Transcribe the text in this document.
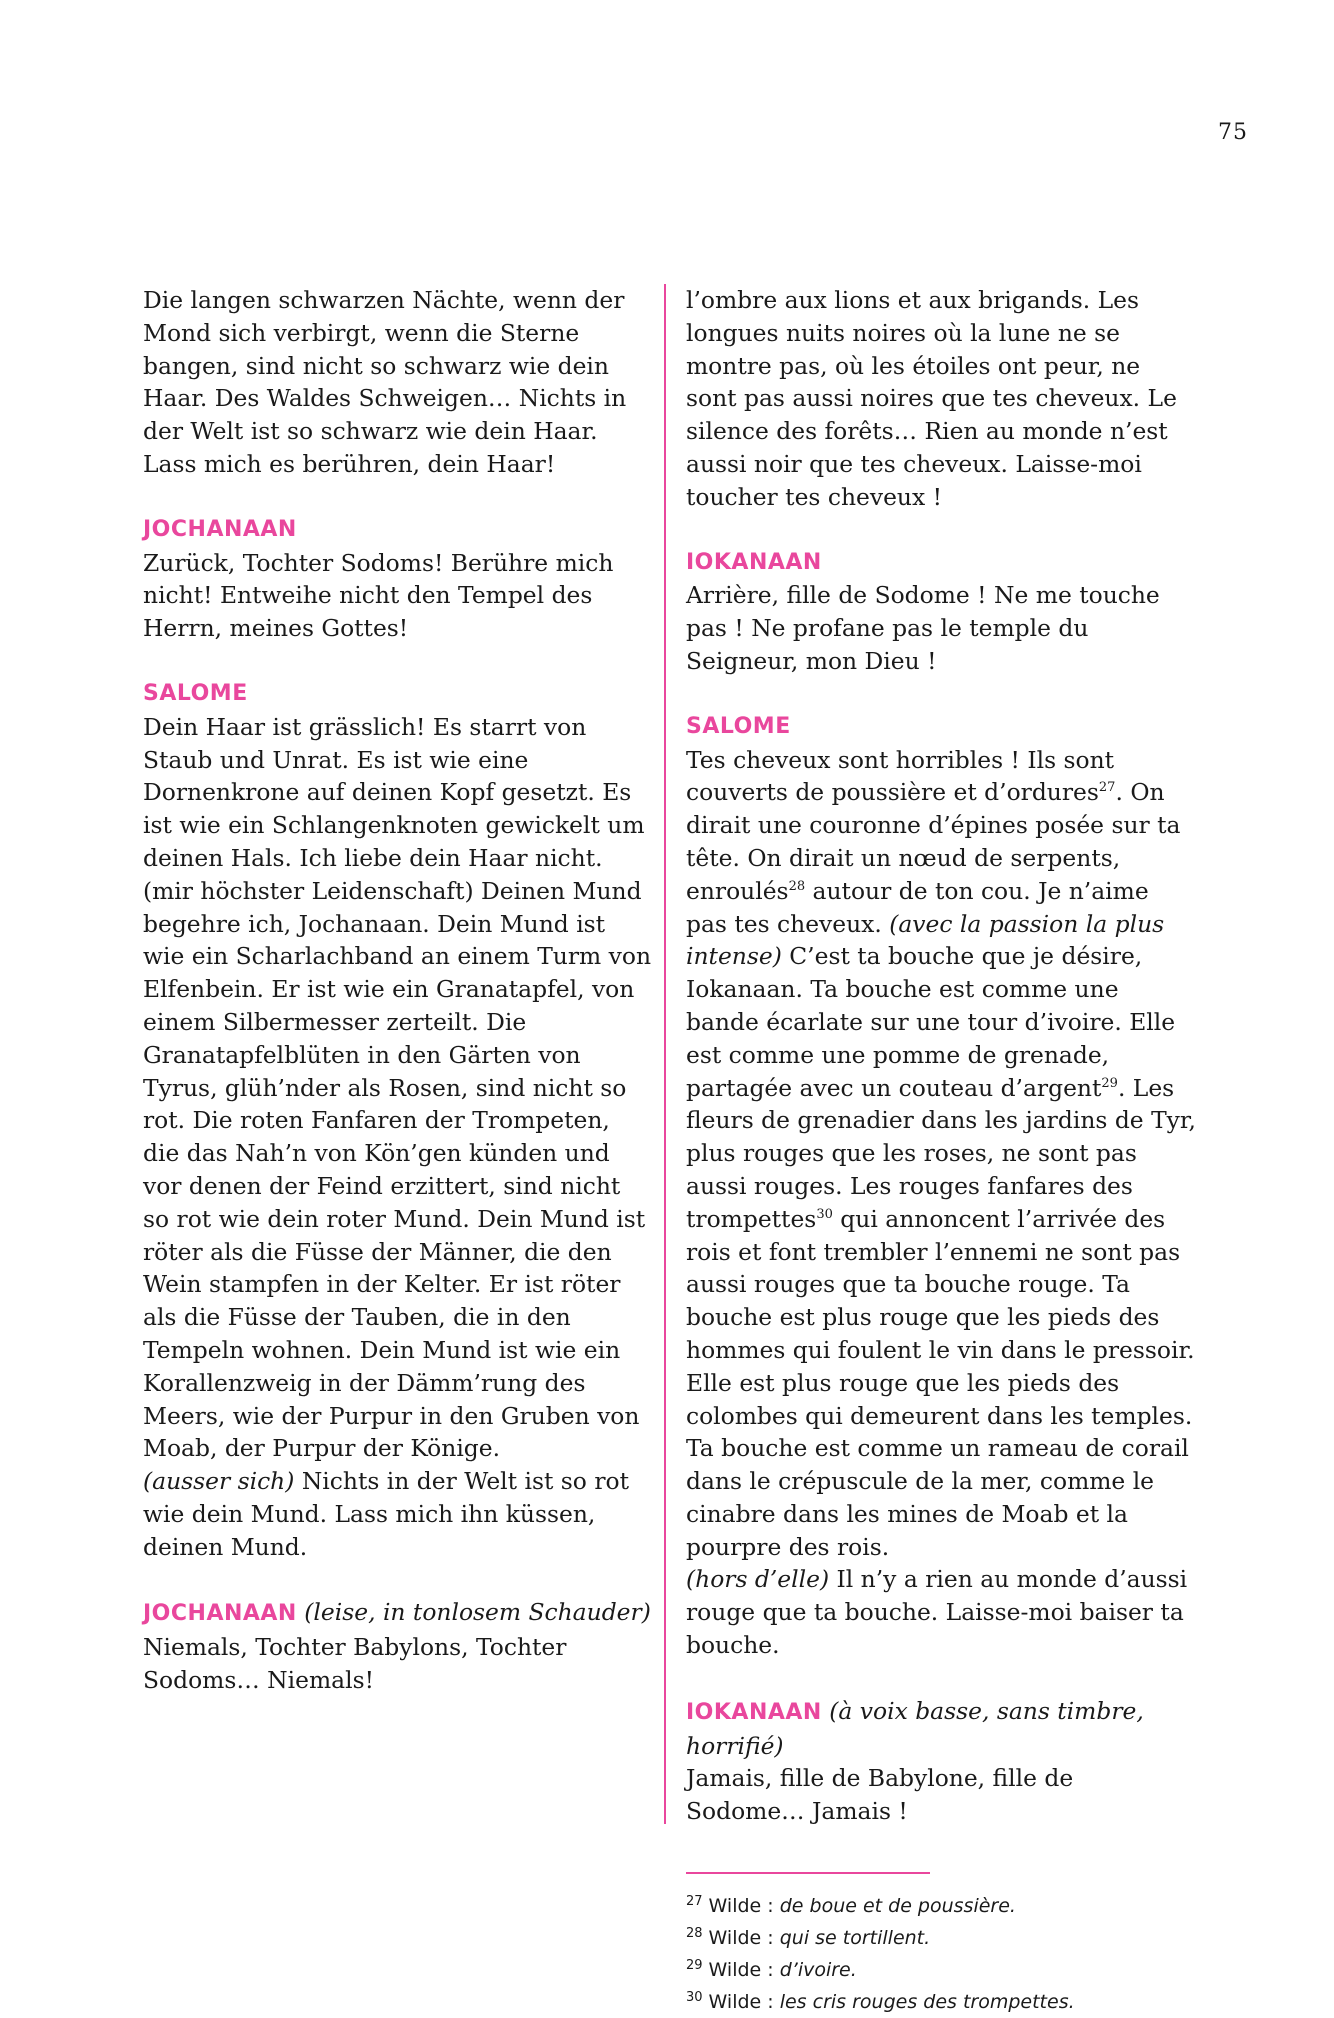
75

Die langen schwarzen Nächte, wenn der Mond sich verbirgt, wenn die Sterne bangen, sind nicht so schwarz wie dein Haar. Des Waldes Schweigen… Nichts in der Welt ist so schwarz wie dein Haar. Lass mich es berühren, dein Haar!

JOCHANAAN

Zurück, Tochter Sodoms! Berühre mich nicht! Entweihe nicht den Tempel des Herrn, meines Gottes!

SALOME

Dein Haar ist grässlich! Es starrt von Staub und Unrat. Es ist wie eine Dornenkrone auf deinen Kopf gesetzt. Es ist wie ein Schlangenknoten gewickelt um deinen Hals. Ich liebe dein Haar nicht. (mir höchster Leidenschaft) Deinen Mund begehre ich, Jochanaan. Dein Mund ist wie ein Scharlachband an einem Turm von Elfenbein. Er ist wie ein Granatapfel, von einem Silbermesser zerteilt. Die Granatapfelblüten in den Gärten von Tyrus, glüh’nder als Rosen, sind nicht so rot. Die roten Fanfaren der Trompeten, die das Nah’n von Kön’gen künden und vor denen der Feind erzittert, sind nicht so rot wie dein roter Mund. Dein Mund ist röter als die Füsse der Männer, die den Wein stampfen in der Kelter. Er ist röter als die Füsse der Tauben, die in den Tempeln wohnen. Dein Mund ist wie ein Korallenzweig in der Dämm’rung des Meers, wie der Purpur in den Gruben von Moab, der Purpur der Könige.
(ausser sich) Nichts in der Welt ist so rot wie dein Mund. Lass mich ihn küssen, deinen Mund.

JOCHANAAN (leise, in tonlosem Schauder)

Niemals, Tochter Babylons, Tochter Sodoms… Niemals!

l’ombre aux lions et aux brigands. Les longues nuits noires où la lune ne se montre pas, où les étoiles ont peur, ne sont pas aussi noires que tes cheveux. Le silence des forêts… Rien au monde n’est aussi noir que tes cheveux. Laisse-moi toucher tes cheveux !

IOKANAAN

Arrière, fille de Sodome ! Ne me touche pas ! Ne profane pas le temple du Seigneur, mon Dieu !

SALOME

Tes cheveux sont horribles ! Ils sont couverts de poussière et d’ordures$^{27}$. On dirait une couronne d’épines posée sur ta tête. On dirait un nœud de serpents, enroulés$^{28}$ autour de ton cou. Je n’aime pas tes cheveux. (avec la passion la plus intense) C’est ta bouche que je désire, Iokanaan. Ta bouche est comme une bande écarlate sur une tour d’ivoire. Elle est comme une pomme de grenade, partagée avec un couteau d’argent$^{29}$. Les fleurs de grenadier dans les jardins de Tyr, plus rouges que les roses, ne sont pas aussi rouges. Les rouges fanfares des trompettes$^{30}$ qui annoncent l’arrivée des rois et font trembler l’ennemi ne sont pas aussi rouges que ta bouche rouge. Ta bouche est plus rouge que les pieds des hommes qui foulent le vin dans le pressoir. Elle est plus rouge que les pieds des colombes qui demeurent dans les temples. Ta bouche est comme un rameau de corail dans le crépuscule de la mer, comme le cinabre dans les mines de Moab et la pourpre des rois.
(hors d’elle) Il n’y a rien au monde d’aussi rouge que ta bouche. Laisse-moi baiser ta bouche.

IOKANAAN (à voix basse, sans timbre, horrifié)

Jamais, fille de Babylone, fille de Sodome… Jamais !

$^{27}$ Wilde : de boue et de poussière.
$^{28}$ Wilde : qui se tortillent.
$^{29}$ Wilde : d’ivoire.
$^{30}$ Wilde : les cris rouges des trompettes.
